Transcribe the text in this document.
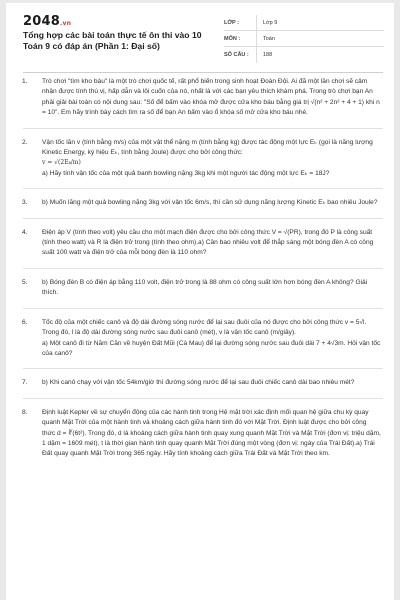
2048.vn
Tổng hợp các bài toán thực tế ôn thi vào 10 Toán 9 có đáp án (Phần 1: Đại số)
LỚP :	Lớp 9
MÔN :	Toán
SỐ CÂU :	188
1. Trò chơi "tìm kho báu" là một trò chơi quốc tế, rất phổ biến trong sinh hoạt Đoàn Đội. Ai đã một lần chơi sẽ cảm nhận được tính thú vị, hấp dẫn và lôi cuốn của nó, nhất là với các bạn yêu thích khám phá. Trong trò chơi bạn An phải giải bài toán có nội dung sau: "Số để bấm vào khóa mở được cửa kho báu bằng giá trị √(n² + 2n² + 4 + 1) khi n = 10". Em hãy trình bày cách tìm ra số để bạn An bấm vào ổ khóa số mở cửa kho báu nhé.

2. Vận tốc lăn v (tính bằng m/s) của một vật thể nặng m (tính bằng kg) được tác động một lực Eₖ (gọi là năng lượng Kinetic Energy, ký hiệu Eₖ, tính bằng Joule) được cho bởi công thức:

v = √(2Eₖ/m)

a) Hãy tính vận tốc của một quả banh bowling nặng 3kg khi một người tác động một lực Eₖ = 18J?

3. b) Muốn lăng một quả bowling nặng 3kg với vận tốc 6m/s, thì cần sử dụng năng lượng Kinetic Eₖ bao nhiêu Joule?

4. Điện áp V (tính theo volt) yêu cầu cho một mạch điện được cho bởi công thức V = √(PR), trong đó P là công suất (tính theo watt) và R là điện trở trong (tính theo ohm).a) Cần bao nhiêu volt để thắp sáng một bóng đèn A có công suất 100 watt và điện trở của mỗi bóng đèn là 110 ohm?

5. b) Bóng đèn B có điện áp bằng 110 volt, điện trở trong là 88 ohm có công suất lớn hơn bóng đèn A không? Giải thích.

6. Tốc độ của một chiếc canô và độ dài đường sóng nước để lại sau đuôi của nó được cho bởi công thức v = 5√l. Trong đó, l là độ dài đường sóng nước sau đuôi canô (mét), v là vận tốc canô (m/giây).

a) Một canô đi từ Năm Căn về huyện Đất Mũi (Cà Mau) để lại đường sóng nước sau đuôi dài 7 + 4√3m. Hỏi vận tốc của canô?

7. b) Khi canô chạy với vận tốc 54km/giờ thì đường sóng nước để lại sau đuôi chiếc canô dài bao nhiêu mét?

8. Định luật Kepler về sự chuyển động của các hành tinh trong Hệ mặt trời xác định mối quan hệ giữa chu kỳ quay quanh Mặt Trời của một hành tinh và khoảng cách giữa hành tinh đó với Mặt Trời. Định luật được cho bởi công thức d = ∛(6t²). Trong đó, d là khoảng cách giữa hành tinh quay xung quanh Mặt Trời và Mặt Trời (đơn vị: triệu dặm, 1 dặm = 1609 mét), t là thời gian hành tinh quay quanh Mặt Trời đúng một vòng (đơn vị: ngày của Trái Đất).a) Trái Đất quay quanh Mặt Trời trong 365 ngày. Hãy tính khoảng cách giữa Trái Đất và Mặt Trời theo km.
